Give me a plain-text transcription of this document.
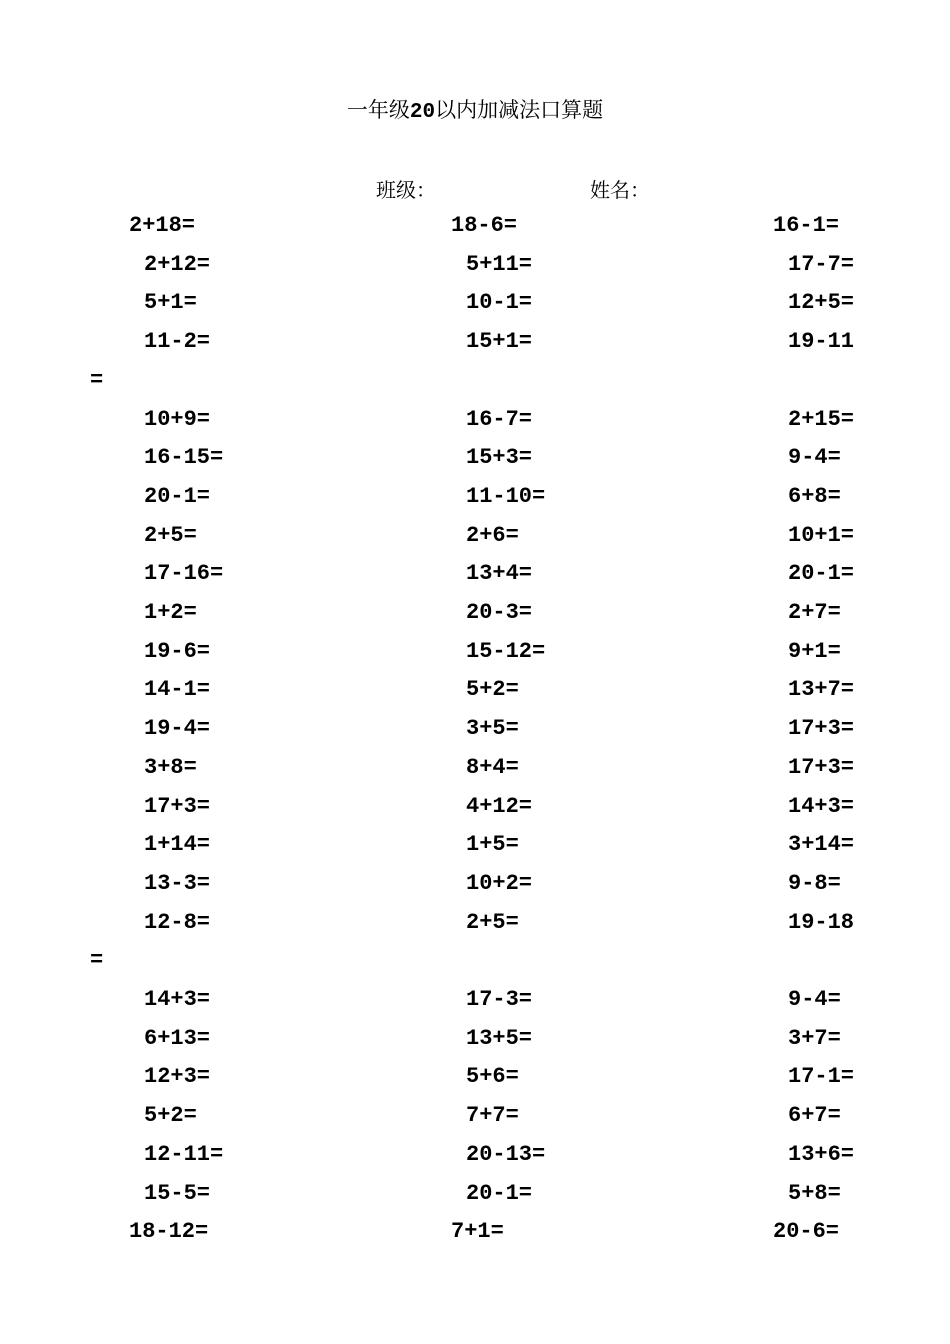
一年级20以内加减法口算题
班级：	姓名：
2+18=	18-6=	16-1=
2+12=	5+11=	17-7=
5+1=	10-1=	12+5=
11-2=	15+1=	19-11
=
10+9=	16-7=	2+15=
16-15=	15+3=	9-4=
20-1=	11-10=	6+8=
2+5=	2+6=	10+1=
17-16=	13+4=	20-1=
1+2=	20-3=	2+7=
19-6=	15-12=	9+1=
14-1=	5+2=	13+7=
19-4=	3+5=	17+3=
3+8=	8+4=	17+3=
17+3=	4+12=	14+3=
1+14=	1+5=	3+14=
13-3=	10+2=	9-8=
12-8=	2+5=	19-18
=
14+3=	17-3=	9-4=
6+13=	13+5=	3+7=
12+3=	5+6=	17-1=
5+2=	7+7=	6+7=
12-11=	20-13=	13+6=
15-5=	20-1=	5+8=
18-12=	7+1=	20-6=
